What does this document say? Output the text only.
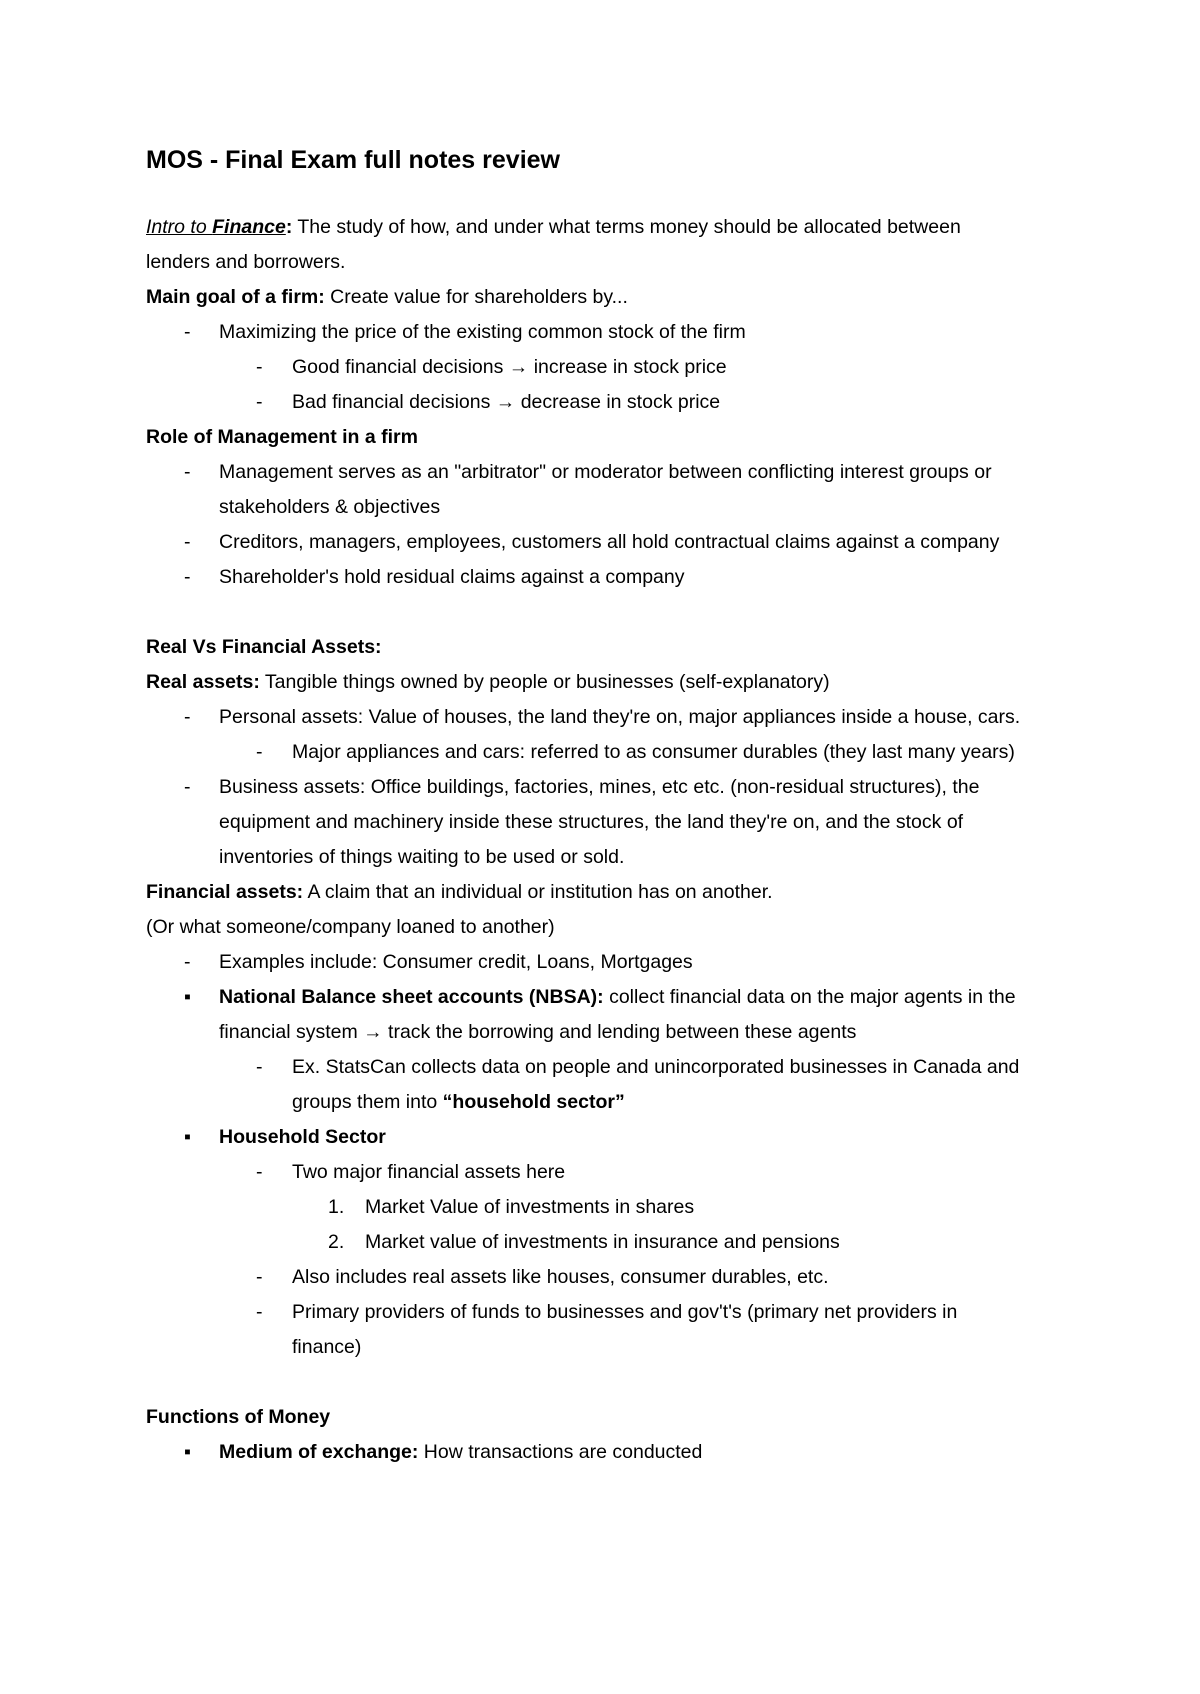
MOS - Final Exam full notes review
Intro to Finance: The study of how, and under what terms money should be allocated between
lenders and borrowers.
Main goal of a firm: Create value for shareholders by...
- Maximizing the price of the existing common stock of the firm
- Good financial decisions → increase in stock price
- Bad financial decisions → decrease in stock price
Role of Management in a firm
- Management serves as an "arbitrator" or moderator between conflicting interest groups or
stakeholders & objectives
- Creditors, managers, employees, customers all hold contractual claims against a company
- Shareholder's hold residual claims against a company
Real Vs Financial Assets:
Real assets: Tangible things owned by people or businesses (self-explanatory)
- Personal assets: Value of houses, the land they're on, major appliances inside a house, cars.
- Major appliances and cars: referred to as consumer durables (they last many years)
- Business assets: Office buildings, factories, mines, etc etc. (non-residual structures), the
equipment and machinery inside these structures, the land they're on, and the stock of
inventories of things waiting to be used or sold.
Financial assets: A claim that an individual or institution has on another.
(Or what someone/company loaned to another)
- Examples include: Consumer credit, Loans, Mortgages
▪ National Balance sheet accounts (NBSA): collect financial data on the major agents in the
financial system → track the borrowing and lending between these agents
- Ex. StatsCan collects data on people and unincorporated businesses in Canada and
groups them into “household sector”
▪ Household Sector
- Two major financial assets here
1. Market Value of investments in shares
2. Market value of investments in insurance and pensions
- Also includes real assets like houses, consumer durables, etc.
- Primary providers of funds to businesses and gov't's (primary net providers in
finance)
Functions of Money
▪ Medium of exchange: How transactions are conducted
